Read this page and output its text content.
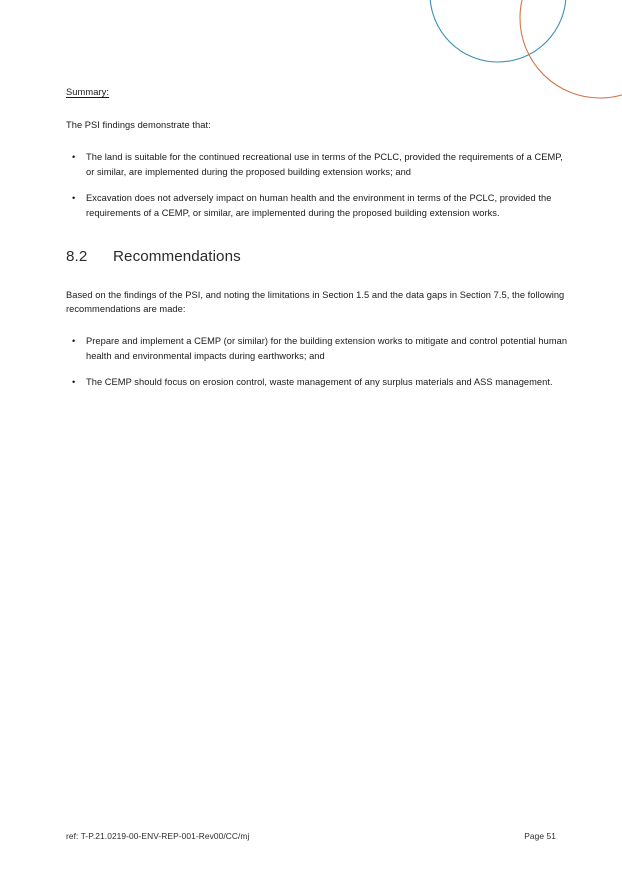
Summary:

The PSI findings demonstrate that:

• The land is suitable for the continued recreational use in terms of the PCLC, provided the requirements of a CEMP, or similar, are implemented during the proposed building extension works; and
• Excavation does not adversely impact on human health and the environment in terms of the PCLC, provided the requirements of a CEMP, or similar, are implemented during the proposed building extension works.
8.2	Recommendations

Based on the findings of the PSI, and noting the limitations in Section 1.5 and the data gaps in Section 7.5, the following recommendations are made:

• Prepare and implement a CEMP (or similar) for the building extension works to mitigate and control potential human health and environmental impacts during earthworks; and
• The CEMP should focus on erosion control, waste management of any surplus materials and ASS management.
ref: T-P.21.0219-00-ENV-REP-001-Rev00/CC/mj	Page 51
